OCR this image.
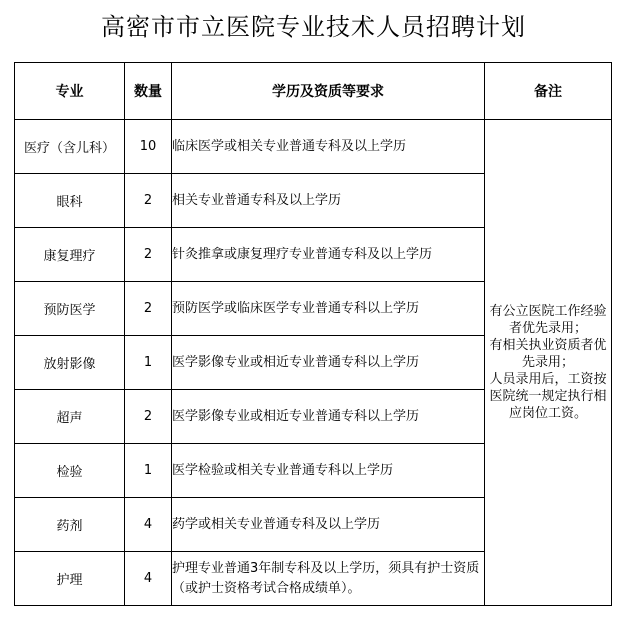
高密市市立医院专业技术人员招聘计划
专业	数量	学历及资质等要求	备注
医疗（含儿科）	10	临床医学或相关专业普通专科及以上学历	有公立医院工作经验者优先录用；
有相关执业资质者优先录用；
人员录用后，工资按医院统一规定执行相应岗位工资。

眼科	2	相关专业普通专科及以上学历	
康复理疗	2	针灸推拿或康复理疗专业普通专科及以上学历	
预防医学	2	预防医学或临床医学专业普通专科以上学历	
放射影像	1	医学影像专业或相近专业普通专科以上学历	
超声	2	医学影像专业或相近专业普通专科以上学历	
检验	1	医学检验或相关专业普通专科以上学历	
药剂	4	药学或相关专业普通专科及以上学历	
护理	4	护理专业普通3年制专科及以上学历，须具有护士资质（或护士资格考试合格成绩单）。	
